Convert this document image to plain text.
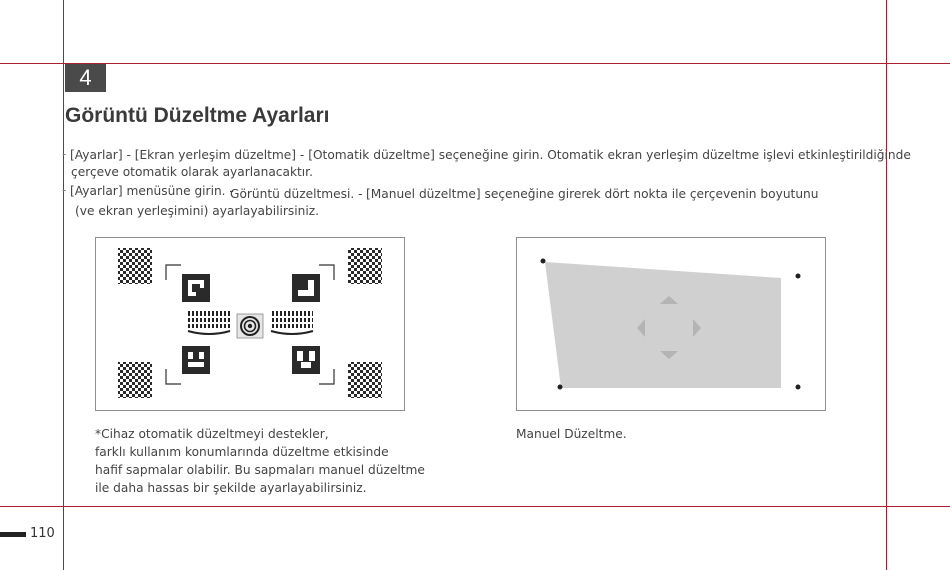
4
Görüntü Düzeltme Ayarları
- [Ayarlar] - [Ekran yerleşim düzeltme] - [Otomatik düzeltme] seçeneğine girin. Otomatik ekran yerleşim düzeltme işlevi etkinleştirildiğinde
çerçeve otomatik olarak ayarlanacaktır.
- [Ayarlar] menüsüne girin. -
Görüntü düzeltmesi. - [Manuel düzeltme] seçeneğine girerek dört nokta ile çerçevenin boyutunu
(ve ekran yerleşimini) ayarlayabilirsiniz.
*Cihaz otomatik düzeltmeyi destekler,
farklı kullanım konumlarında düzeltme etkisinde
hafif sapmalar olabilir. Bu sapmaları manuel düzeltme
ile daha hassas bir şekilde ayarlayabilirsiniz.
Manuel Düzeltme.
110
